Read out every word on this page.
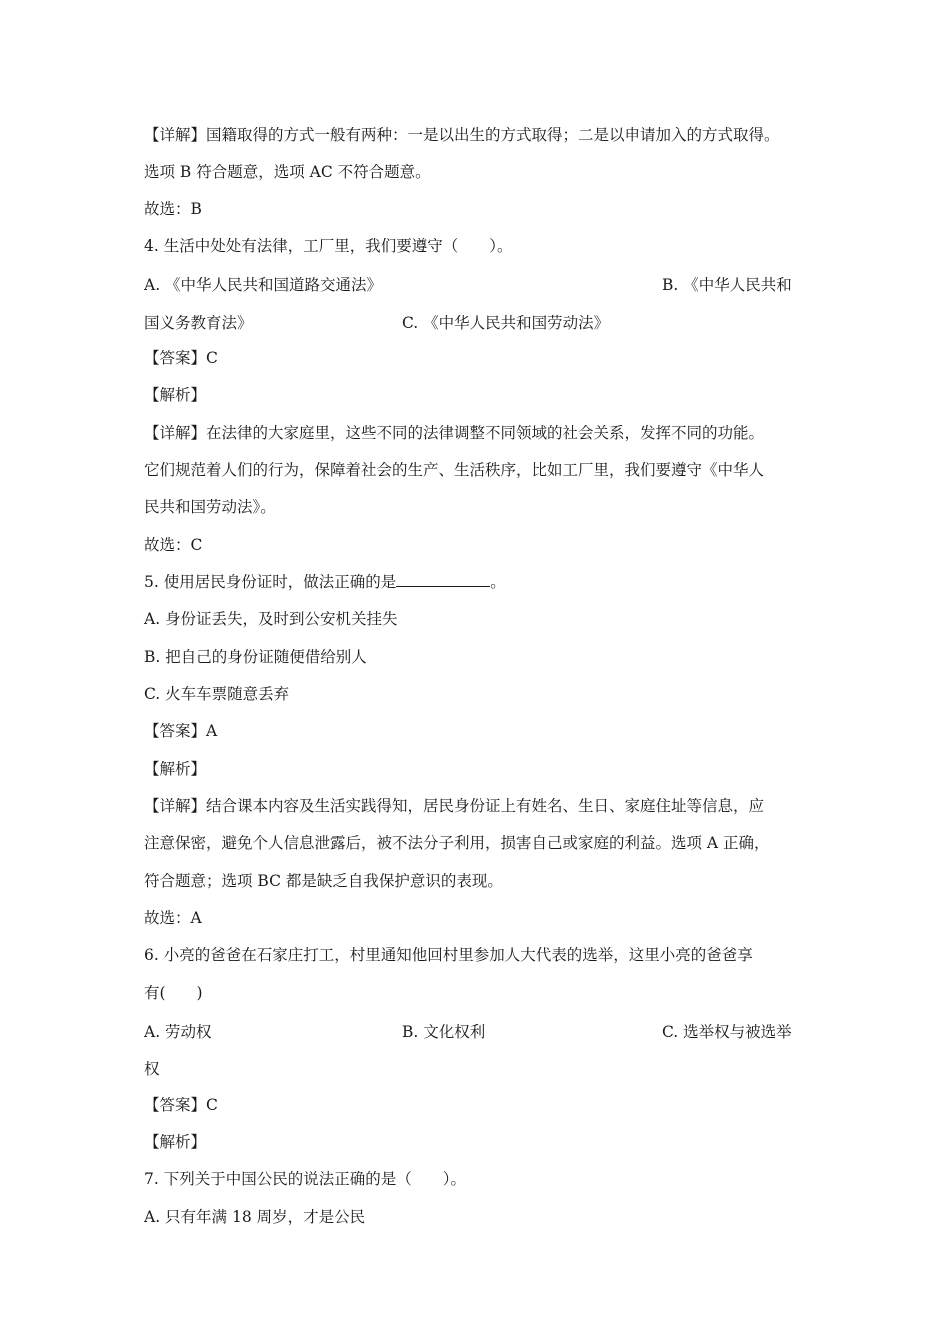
【详解】国籍取得的方式一般有两种：一是以出生的方式取得；二是以申请加入的方式取得。
选项 B 符合题意，选项 AC 不符合题意。
故选：B
4. 生活中处处有法律，工厂里，我们要遵守（　　）。
A. 《中华人民共和国道路交通法》	B. 《中华人民共和
国义务教育法》	C. 《中华人民共和国劳动法》
【答案】C
【解析】
【详解】在法律的大家庭里，这些不同的法律调整不同领域的社会关系，发挥不同的功能。
它们规范着人们的行为，保障着社会的生产、生活秩序，比如工厂里，我们要遵守《中华人
民共和国劳动法》。
故选：C
5. 使用居民身份证时，做法正确的是	。
A. 身份证丢失，及时到公安机关挂失
B. 把自己的身份证随便借给别人
C. 火车车票随意丢弃
【答案】A
【解析】
【详解】结合课本内容及生活实践得知，居民身份证上有姓名、生日、家庭住址等信息，应
注意保密，避免个人信息泄露后，被不法分子利用，损害自己或家庭的利益。选项 A 正确，
符合题意；选项 BC 都是缺乏自我保护意识的表现。
故选：A
6. 小亮的爸爸在石家庄打工，村里通知他回村里参加人大代表的选举，这里小亮的爸爸享
有(　　)
A. 劳动权	B. 文化权利	C. 选举权与被选举
权
【答案】C
【解析】
7. 下列关于中国公民的说法正确的是（　　）。
A. 只有年满 18 周岁，才是公民
